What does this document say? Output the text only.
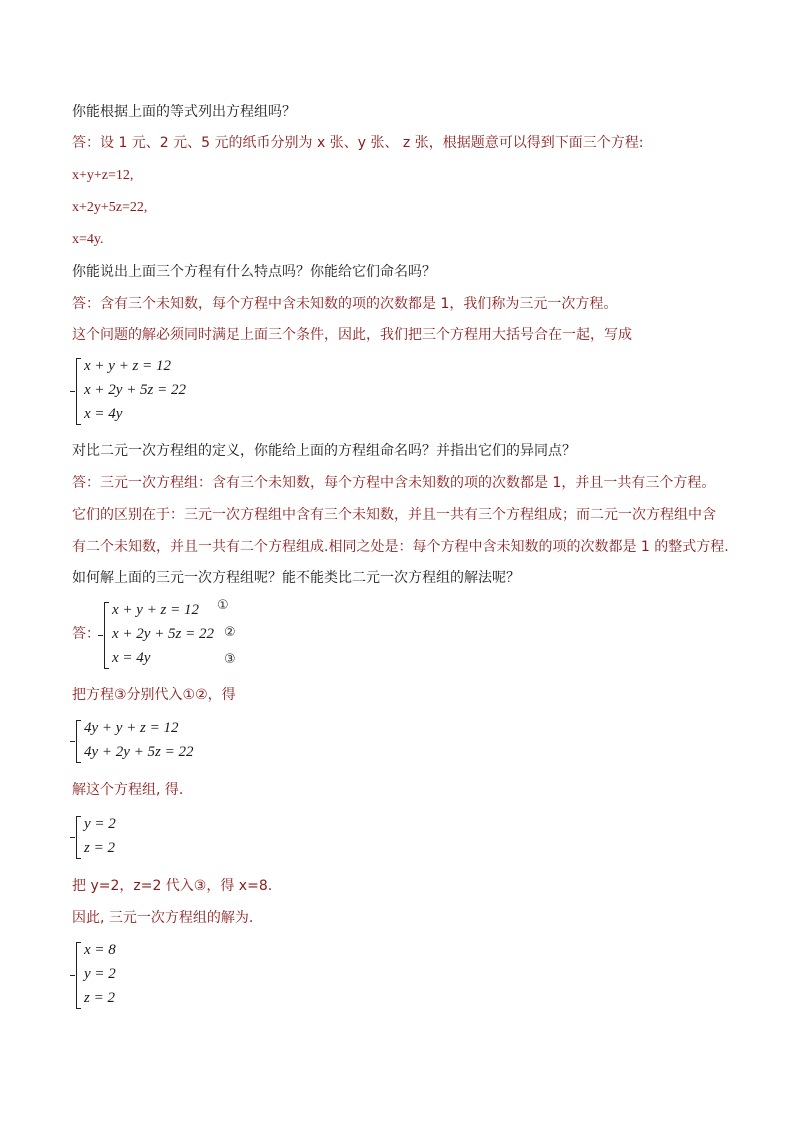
你能根据上面的等式列出方程组吗？
答：设 1 元、2 元、5 元的纸币分别为 x 张、y 张、 z 张，根据题意可以得到下面三个方程:
x+y+z=12,
x+2y+5z=22,
x=4y.
你能说出上面三个方程有什么特点吗？你能给它们命名吗？
答：含有三个未知数，每个方程中含未知数的项的次数都是 1，我们称为三元一次方程。
这个问题的解必须同时满足上面三个条件，因此，我们把三个方程用大括号合在一起，写成
x + y + z = 12
x + 2y + 5z = 22
x = 4y
对比二元一次方程组的定义，你能给上面的方程组命名吗？并指出它们的异同点？
答：三元一次方程组：含有三个未知数，每个方程中含未知数的项的次数都是 1，并且一共有三个方程。
它们的区别在于：三元一次方程组中含有三个未知数，并且一共有三个方程组成；而二元一次方程组中含
有二个未知数，并且一共有二个方程组成.相同之处是：每个方程中含未知数的项的次数都是 1 的整式方程.
如何解上面的三元一次方程组呢？能不能类比二元一次方程组的解法呢？
答：
x + y + z = 12
x + 2y + 5z = 22
x = 4y
①
②
③
把方程③分别代入①②，得
4y + y + z = 12
4y + 2y + 5z = 22
解这个方程组, 得.
y = 2
z = 2
把 y=2，z=2 代入③，得 x=8.
因此, 三元一次方程组的解为.
x = 8
y = 2
z = 2
